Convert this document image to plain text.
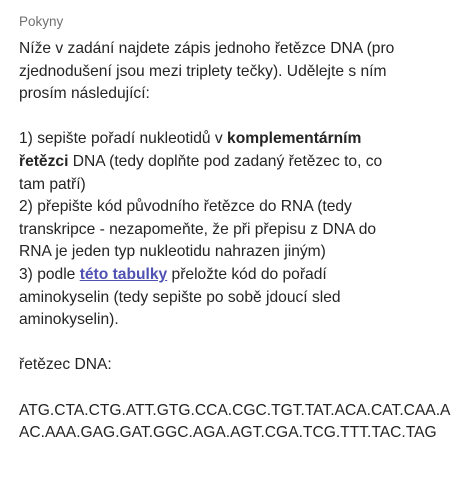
Pokyny
Níže v zadání najdete zápis jednoho řetězce DNA (pro
zjednodušení jsou mezi triplety tečky). Udělejte s ním
prosím následující:
1) sepište pořadí nukleotidů v komplementárním
řetězci DNA (tedy doplňte pod zadaný řetězec to, co
tam patří)
2) přepište kód původního řetězce do RNA (tedy
transkripce - nezapomeňte, že při přepisu z DNA do
RNA je jeden typ nukleotidu nahrazen jiným)
3) podle této tabulky přeložte kód do pořadí
aminokyselin (tedy sepište po sobě jdoucí sled
aminokyselin).
řetězec DNA:
ATG.CTA.CTG.ATT.GTG.CCA.CGC.TGT.TAT.ACA.CAT.CAA.A
AC.AAA.GAG.GAT.GGC.AGA.AGT.CGA.TCG.TTT.TAC.TAG
